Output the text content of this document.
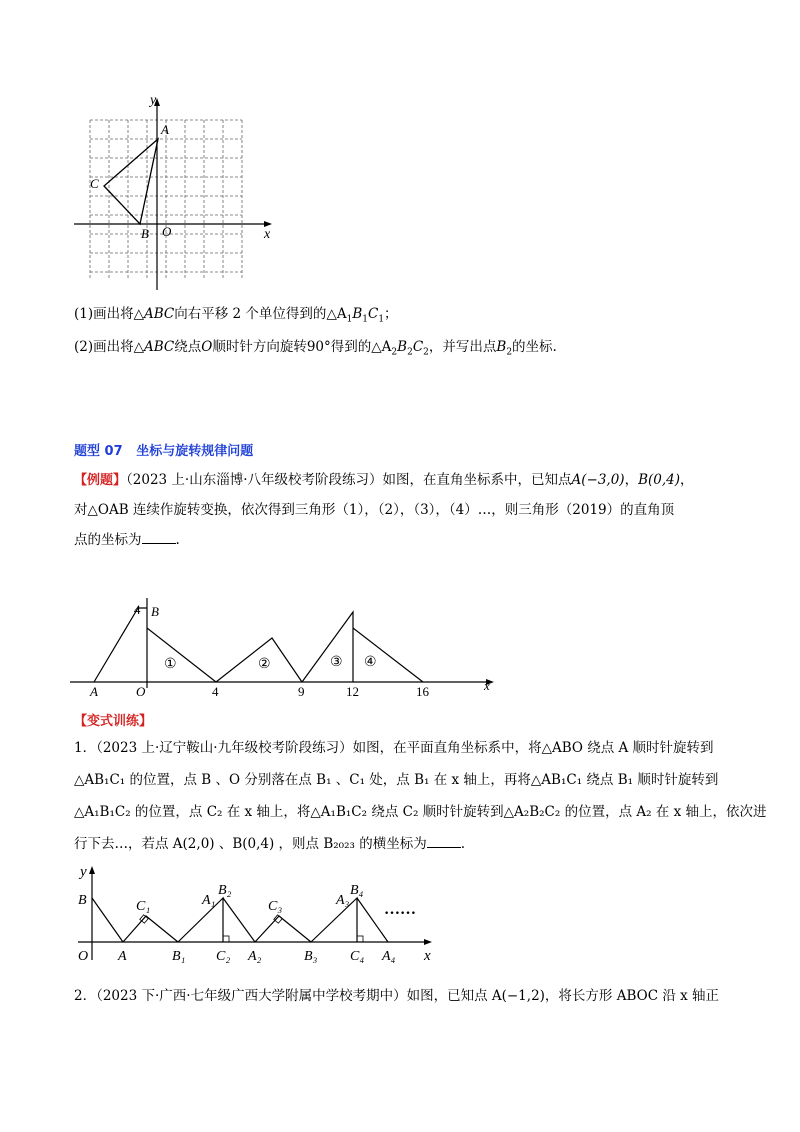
y
x
A
C
B O
(1)画出将△ABC向右平移 2 个单位得到的$\triangle A_1B_1C_1$；
(2)画出将△ABC绕点O顺时针方向旋转90°得到的$\triangle A_2B_2C_2$，并写出点$B_2$的坐标.
题型 07 坐标与旋转规律问题
【例题】（2023 上·山东淄博·八年级校考阶段练习）如图，在直角坐标系中，已知点A(−3,0)，B(0,4)，
对△OAB 连续作旋转变换，依次得到三角形（1），（2），（3），（4）…，则三角形（2019）的直角顶
点的坐标为	.
4 B
A	O	4	9	12	16	x
①	②	③ ④
【变式训练】
1．（2023 上·辽宁鞍山·九年级校考阶段练习）如图，在平面直角坐标系中，将△ABO 绕点 A 顺时针旋转到
△AB₁C₁ 的位置，点 B 、O 分别落在点 B₁ 、C₁ 处，点 B₁ 在 x 轴上，再将△AB₁C₁ 绕点 B₁ 顺时针旋转到
△A₁B₁C₂ 的位置，点 C₂ 在 x 轴上，将△A₁B₁C₂ 绕点 C₂ 顺时针旋转到△A₂B₂C₂ 的位置，点 A₂ 在 x 轴上，依次进
行下去…，若点 A(2,0) 、B(0,4) ，则点 B₂₀₂₃ 的横坐标为	.
y
x
B	C₁	A₁
B₂
C₃	A₃
B₄
……
O A	B₁ C₂ A₂	B₃ C₄ A₄
2．（2023 下·广西·七年级广西大学附属中学校考期中）如图，已知点 A(−1,2)，将长方形 ABOC 沿 x 轴正
